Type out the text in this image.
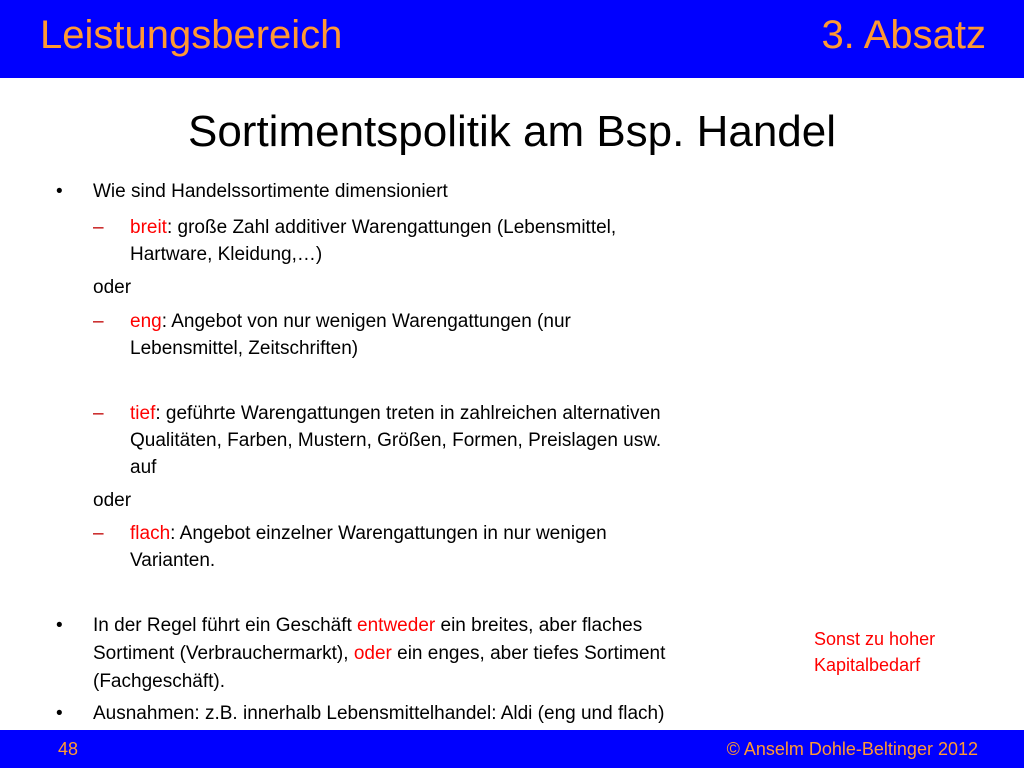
Leistungsbereich	3. Absatz
Sortimentspolitik am Bsp. Handel
• Wie sind Handelssortimente dimensioniert
– breit: große Zahl additiver Warengattungen (Lebensmittel,
Hartware, Kleidung,…)
oder
– eng: Angebot von nur wenigen Warengattungen (nur
Lebensmittel, Zeitschriften)
– tief: geführte Warengattungen treten in zahlreichen alternativen
Qualitäten, Farben, Mustern, Größen, Formen, Preislagen usw.
auf
oder
– flach: Angebot einzelner Warengattungen in nur wenigen
Varianten.
• In der Regel führt ein Geschäft entweder ein breites, aber flaches
Sortiment (Verbrauchermarkt), oder ein enges, aber tiefes Sortiment
(Fachgeschäft).
• Ausnahmen: z.B. innerhalb Lebensmittelhandel: Aldi (eng und flach)
Sonst zu hoher
Kapitalbedarf
48	© Anselm Dohle-Beltinger 2012
